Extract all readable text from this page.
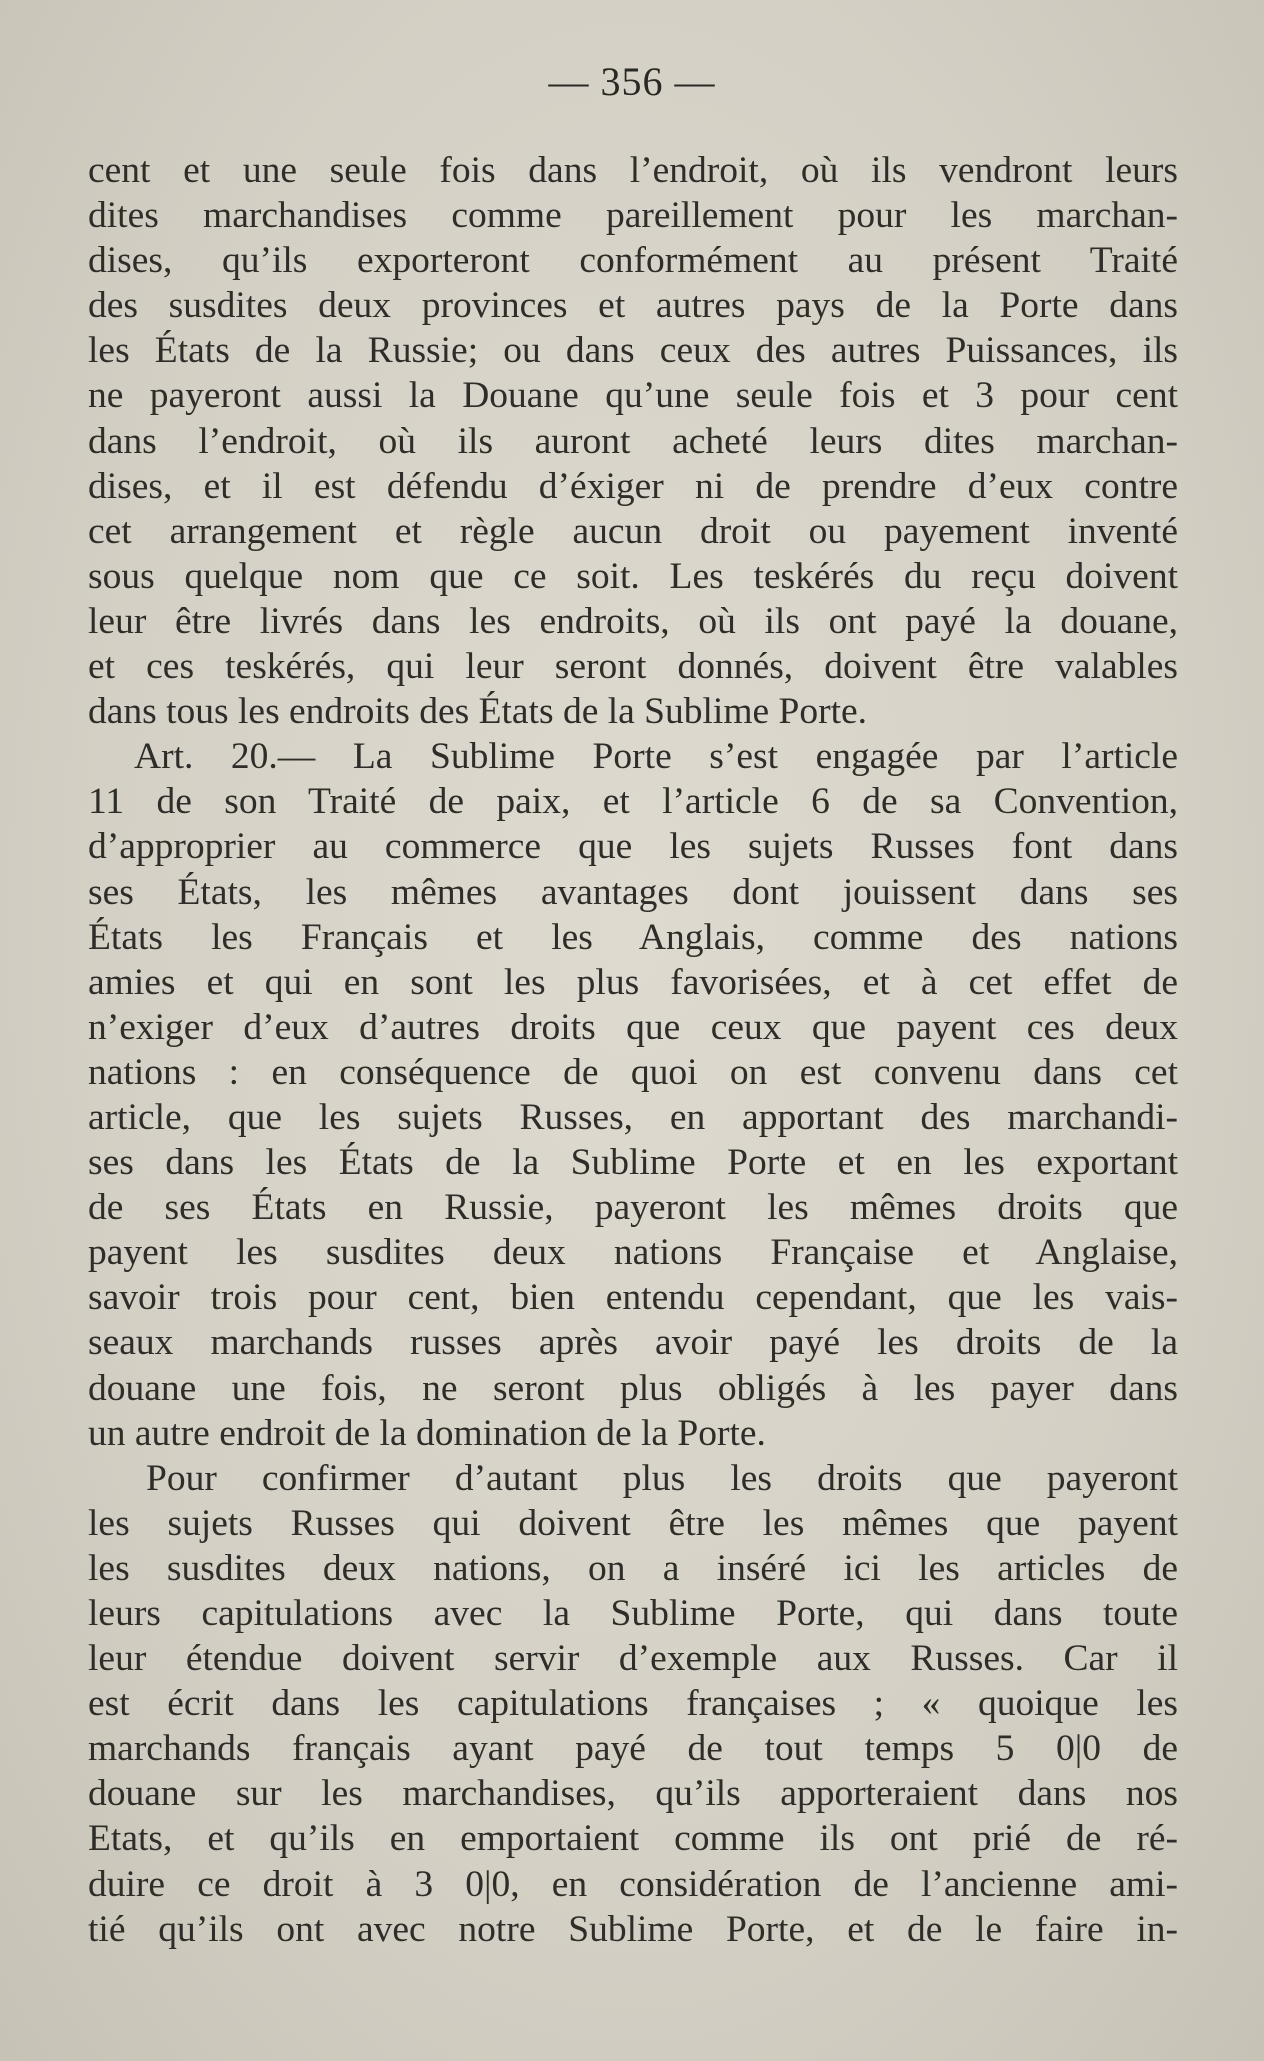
— 356 —
cent et une seule fois dans l’endroit, où ils vendront leurs
dites marchandises comme pareillement pour les marchan-
dises, qu’ils exporteront conformément au présent Traité
des susdites deux provinces et autres pays de la Porte dans
les États de la Russie; ou dans ceux des autres Puissances, ils
ne payeront aussi la Douane qu’une seule fois et 3 pour cent
dans l’endroit, où ils auront acheté leurs dites marchan-
dises, et il est défendu d’éxiger ni de prendre d’eux contre
cet arrangement et règle aucun droit ou payement inventé
sous quelque nom que ce soit. Les teskérés du reçu doivent
leur être livrés dans les endroits, où ils ont payé la douane,
et ces teskérés, qui leur seront donnés, doivent être valables
dans tous les endroits des États de la Sublime Porte.
Art. 20.— La Sublime Porte s’est engagée par l’article
11 de son Traité de paix, et l’article 6 de sa Convention,
d’approprier au commerce que les sujets Russes font dans
ses États, les mêmes avantages dont jouissent dans ses
États les Français et les Anglais, comme des nations
amies et qui en sont les plus favorisées, et à cet effet de
n’exiger d’eux d’autres droits que ceux que payent ces deux
nations : en conséquence de quoi on est convenu dans cet
article, que les sujets Russes, en apportant des marchandi-
ses dans les États de la Sublime Porte et en les exportant
de ses États en Russie, payeront les mêmes droits que
payent les susdites deux nations Française et Anglaise,
savoir trois pour cent, bien entendu cependant, que les vais-
seaux marchands russes après avoir payé les droits de la
douane une fois, ne seront plus obligés à les payer dans
un autre endroit de la domination de la Porte.
Pour confirmer d’autant plus les droits que payeront
les sujets Russes qui doivent être les mêmes que payent
les susdites deux nations, on a inséré ici les articles de
leurs capitulations avec la Sublime Porte, qui dans toute
leur étendue doivent servir d’exemple aux Russes. Car il
est écrit dans les capitulations françaises ; « quoique les
marchands français ayant payé de tout temps 5 0|0 de
douane sur les marchandises, qu’ils apporteraient dans nos
Etats, et qu’ils en emportaient comme ils ont prié de ré-
duire ce droit à 3 0|0, en considération de l’ancienne ami-
tié qu’ils ont avec notre Sublime Porte, et de le faire in-
